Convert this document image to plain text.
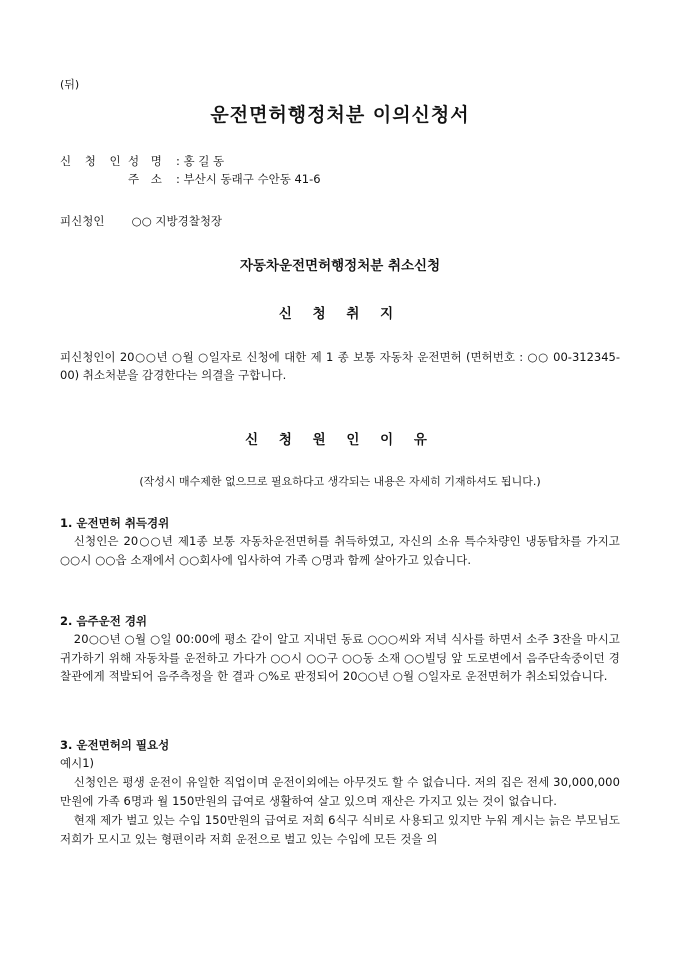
(뒤)
운전면허행정처분 이의신청서
신 청 인 성 명 : 홍 길 동
주 소 : 부산시 동래구 수안동 41-6
피신청인 ○○ 지방경찰청장
자동차운전면허행정처분 취소신청
신 청 취 지
피신청인이 20○○년 ○월 ○일자로 신청에 대한 제 1 종 보통 자동차 운전면허 (면허번호 : ○○ 00-312345-00) 취소처분을 감경한다는 의결을 구합니다.
신 청 원 인 이 유
(작성시 매수제한 없으므로 필요하다고 생각되는 내용은 자세히 기재하셔도 됩니다.)
1. 운전면허 취득경위

신청인은 20○○년 제1종 보통 자동차운전면허를 취득하였고, 자신의 소유 특수차량인 냉동탑차를 가지고 ○○시 ○○읍 소재에서 ○○회사에 입사하여 가족 ○명과 함께 살아가고 있습니다.

2. 음주운전 경위

20○○년 ○월 ○일 00:00에 평소 같이 알고 지내던 동료 ○○○씨와 저녁 식사를 하면서 소주 3잔을 마시고 귀가하기 위해 자동차를 운전하고 가다가 ○○시 ○○구 ○○동 소재 ○○빌딩 앞 도로변에서 음주단속중이던 경찰관에게 적발되어 음주측정을 한 결과 ○%로 판정되어 20○○년 ○월 ○일자로 운전면허가 취소되었습니다.

3. 운전면허의 필요성
예시1)

신청인은 평생 운전이 유일한 직업이며 운전이외에는 아무것도 할 수 없습니다. 저의 집은 전세 30,000,000만원에 가족 6명과 월 150만원의 급여로 생활하여 살고 있으며 재산은 가지고 있는 것이 없습니다.

현재 제가 벌고 있는 수입 150만원의 급여로 저희 6식구 식비로 사용되고 있지만 누워 계시는 늙은 부모님도 저희가 모시고 있는 형편이라 저희 운전으로 벌고 있는 수입에 모든 것을 의
